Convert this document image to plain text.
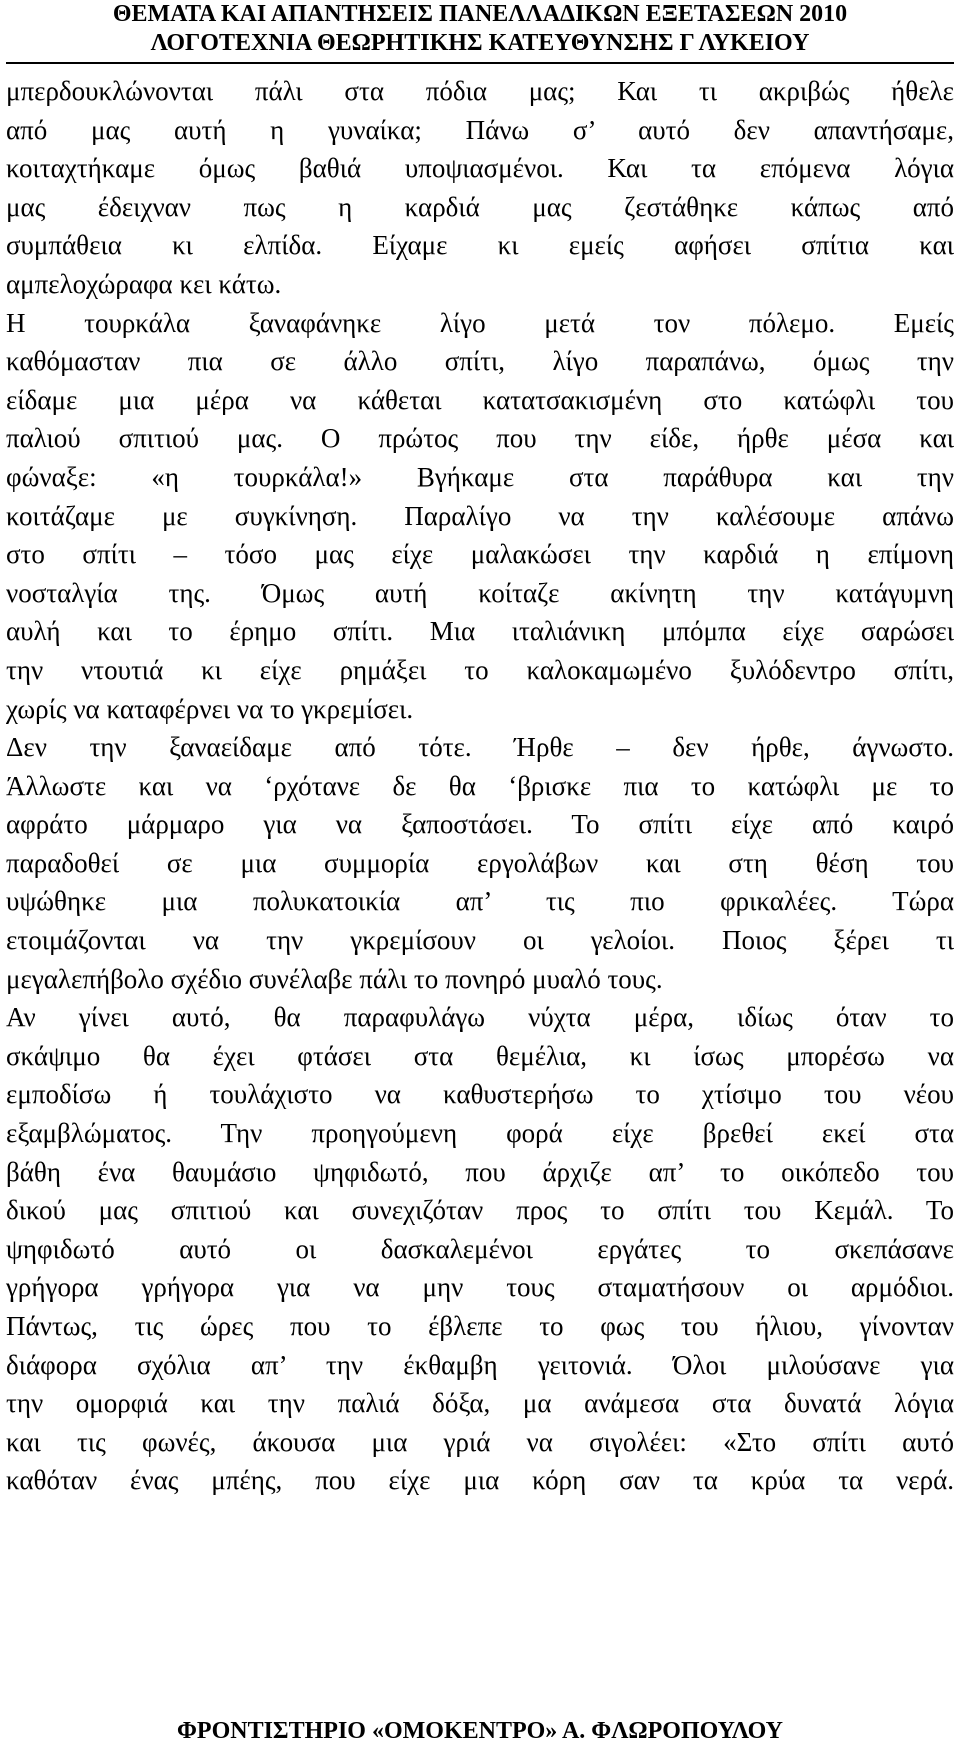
ΘΕΜΑΤΑ ΚΑΙ ΑΠΑΝΤΗΣΕΙΣ ΠΑΝΕΛΛΑΔΙΚΩΝ ΕΞΕΤΑΣΕΩΝ 2010
ΛΟΓΟΤΕΧΝΙΑ ΘΕΩΡΗΤΙΚΗΣ ΚΑΤΕΥΘΥΝΣΗΣ Γ ΛΥΚΕΙΟΥ
μπερδουκλώνονται πάλι στα πόδια μας; Και τι ακριβώς ήθελε
από μας αυτή η γυναίκα; Πάνω σ’ αυτό δεν απαντήσαμε,
κοιταχτήκαμε όμως βαθιά υποψιασμένοι. Και τα επόμενα λόγια
μας έδειχναν πως η καρδιά μας ζεστάθηκε κάπως από
συμπάθεια κι ελπίδα. Είχαμε κι εμείς αφήσει σπίτια και
αμπελοχώραφα κει κάτω.
Η τουρκάλα ξαναφάνηκε λίγο μετά τον πόλεμο. Εμείς
καθόμασταν πια σε άλλο σπίτι, λίγο παραπάνω, όμως την
είδαμε μια μέρα να κάθεται κατατσακισμένη στο κατώφλι του
παλιού σπιτιού μας. Ο πρώτος που την είδε, ήρθε μέσα και
φώναξε: «η τουρκάλα!» Βγήκαμε στα παράθυρα και την
κοιτάζαμε με συγκίνηση. Παραλίγο να την καλέσουμε απάνω
στο σπίτι – τόσο μας είχε μαλακώσει την καρδιά η επίμονη
νοσταλγία της. Όμως αυτή κοίταζε ακίνητη την κατάγυμνη
αυλή και το έρημο σπίτι. Μια ιταλιάνικη μπόμπα είχε σαρώσει
την ντουτιά κι είχε ρημάξει το καλοκαμωμένο ξυλόδεντρο σπίτι,
χωρίς να καταφέρνει να το γκρεμίσει.
Δεν την ξαναείδαμε από τότε. Ήρθε – δεν ήρθε, άγνωστο.
Άλλωστε και να ‘ρχότανε δε θα ‘βρισκε πια το κατώφλι με το
αφράτο μάρμαρο για να ξαποστάσει. Το σπίτι είχε από καιρό
παραδοθεί σε μια συμμορία εργολάβων και στη θέση του
υψώθηκε μια πολυκατοικία απ’ τις πιο φρικαλέες. Τώρα
ετοιμάζονται να την γκρεμίσουν οι γελοίοι. Ποιος ξέρει τι
μεγαλεπήβολο σχέδιο συνέλαβε πάλι το πονηρό μυαλό τους.
Αν γίνει αυτό, θα παραφυλάγω νύχτα μέρα, ιδίως όταν το
σκάψιμο θα έχει φτάσει στα θεμέλια, κι ίσως μπορέσω να
εμποδίσω ή τουλάχιστο να καθυστερήσω το χτίσιμο του νέου
εξαμβλώματος. Την προηγούμενη φορά είχε βρεθεί εκεί στα
βάθη ένα θαυμάσιο ψηφιδωτό, που άρχιζε απ’ το οικόπεδο του
δικού μας σπιτιού και συνεχιζόταν προς το σπίτι του Κεμάλ. Το
ψηφιδωτό αυτό οι δασκαλεμένοι εργάτες το σκεπάσανε
γρήγορα γρήγορα για να μην τους σταματήσουν οι αρμόδιοι.
Πάντως, τις ώρες που το έβλεπε το φως του ήλιου, γίνονταν
διάφορα σχόλια απ’ την έκθαμβη γειτονιά. Όλοι μιλούσανε για
την ομορφιά και την παλιά δόξα, μα ανάμεσα στα δυνατά λόγια
και τις φωνές, άκουσα μια γριά να σιγολέει: «Στο σπίτι αυτό
καθόταν ένας μπέης, που είχε μια κόρη σαν τα κρύα τα νερά.
ΦΡΟΝΤΙΣΤΗΡΙΟ «ΟΜΟΚΕΝΤΡΟ» Α. ΦΛΩΡΟΠΟΥΛΟΥ
